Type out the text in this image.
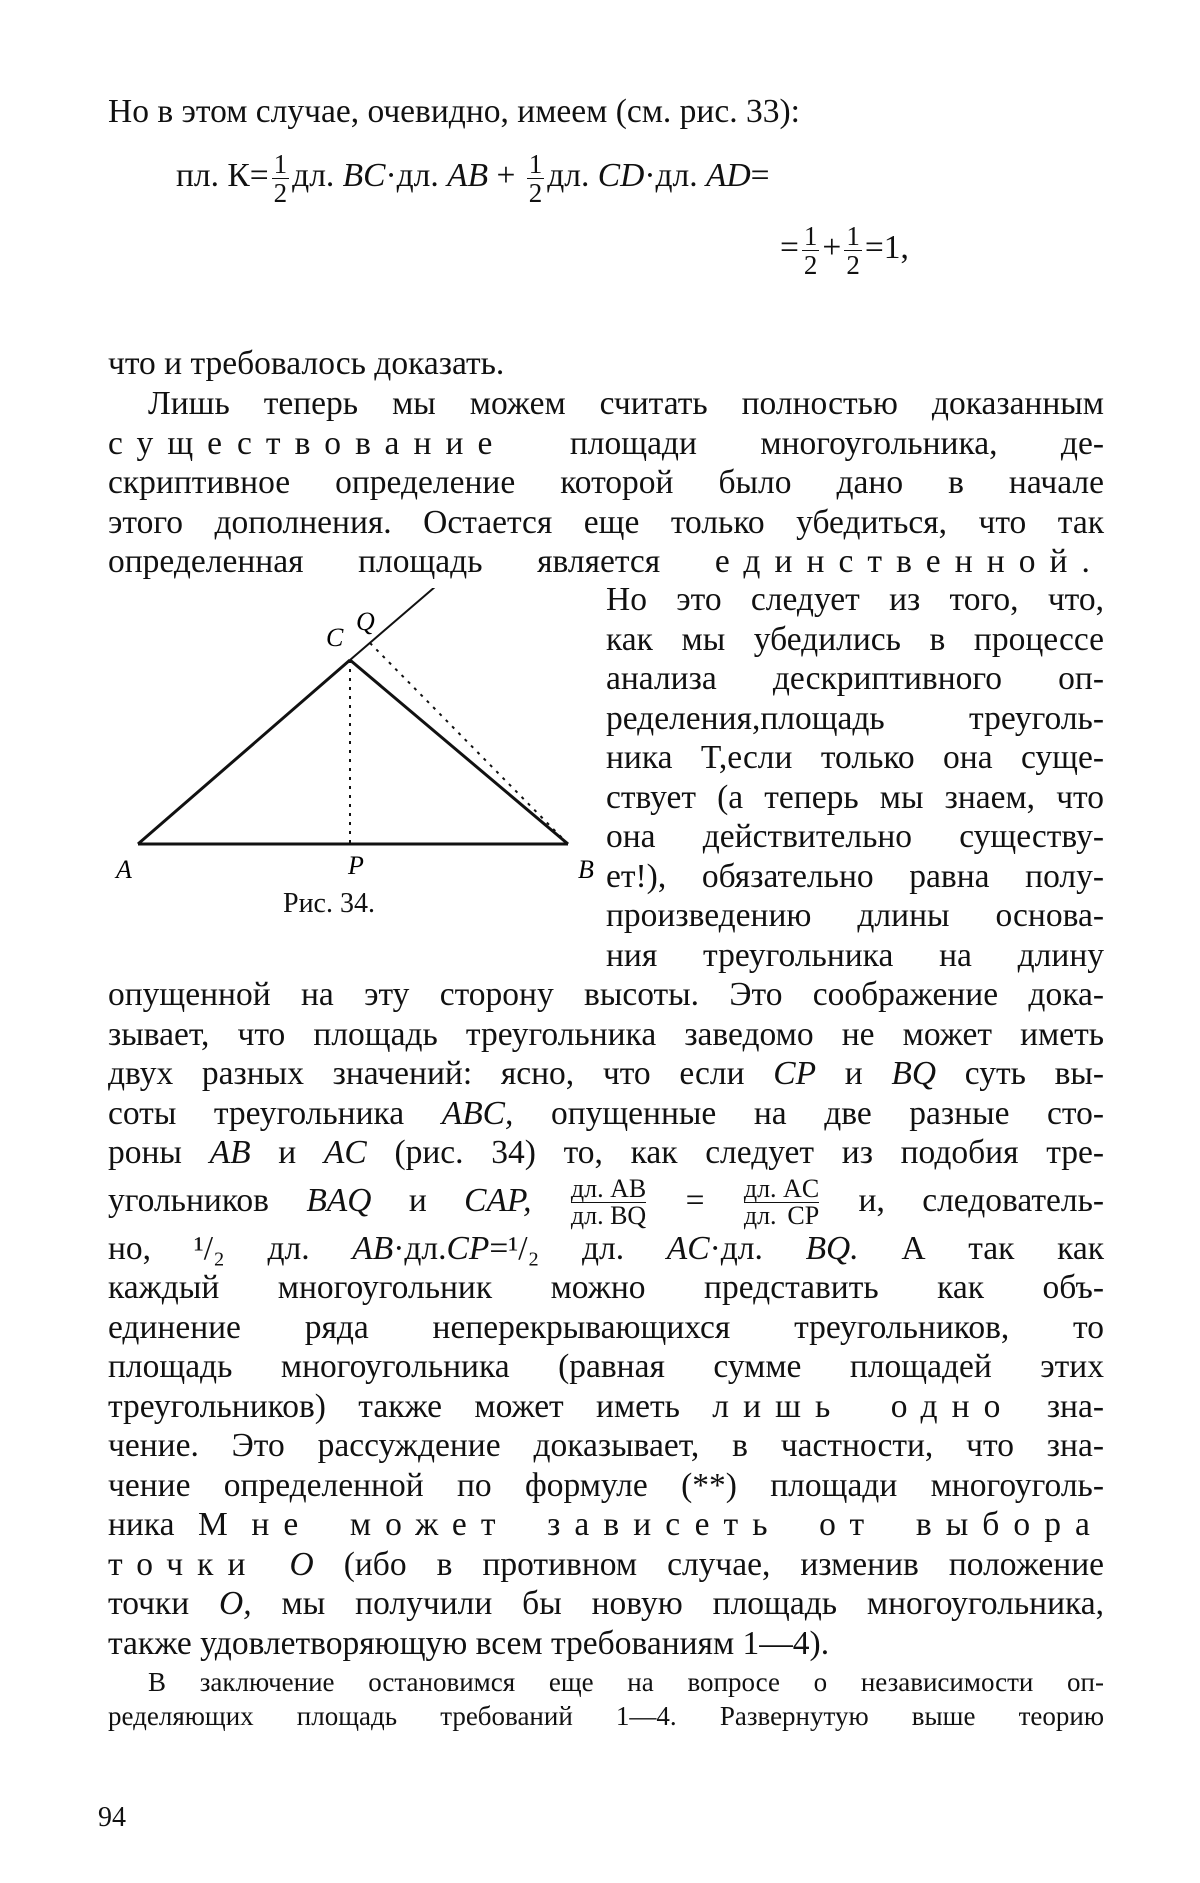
Но в этом случае, очевидно, имеем (см. рис. 33):
пл. $К= \frac{1}{2}$ дл. BC·дл. AB + $\frac{1}{2}$ дл. CD·дл. AD=
= $\frac{1}{2} + \frac{1}{2} =1$,
что и требовалось доказать.
Лишь теперь мы можем считать полностью доказанным
существование площади многоугольника, де-
скриптивное определение которой было дано в начале
этого дополнения. Остается еще только убедиться, что так
определенная площадь является единственной.
A	B
C
P
Q
Рис. 34.
Но это следует из того, что,
как мы убедились в процессе
анализа дескриптивного оп-
ределения,площадь треуголь-
ника T,если только она суще-
ствует (а теперь мы знаем, что
она действительно существу-
ет!), обязательно равна полу-
произведению длины основа-
ния треугольника на длину
опущенной на эту сторону высоты. Это соображение дока-
зывает, что площадь треугольника заведомо не может иметь
двух разных значений: ясно, что если CP и BQ суть вы-
соты треугольника ABC, опущенные на две разные сто-
роны AB и AC (рис. 34) то, как следует из подобия тре-
угольников BAQ и CAP, дл. AB
дл. BQ = дл. AC
дл. CP и, следователь-
но, ¹/₂ дл. AB·дл.CP=¹/₂ дл. AC·дл. BQ. А так как
каждый многоугольник можно представить как объ-
единение ряда неперекрывающихся треугольников, то
площадь многоугольника (равная сумме площадей этих
треугольников) также может иметь лишь одно зна-
чение. Это рассуждение доказывает, в частности, что зна-
чение определенной по формуле (**) площади многоуголь-
ника M не может зависеть от выбора
точки O (ибо в противном случае, изменив положение
точки O, мы получили бы новую площадь многоугольника,
также удовлетворяющую всем требованиям 1—4).
В заключение остановимся еще на вопросе о независимости оп-
ределяющих площадь требований 1—4. Развернутую выше теорию
94
